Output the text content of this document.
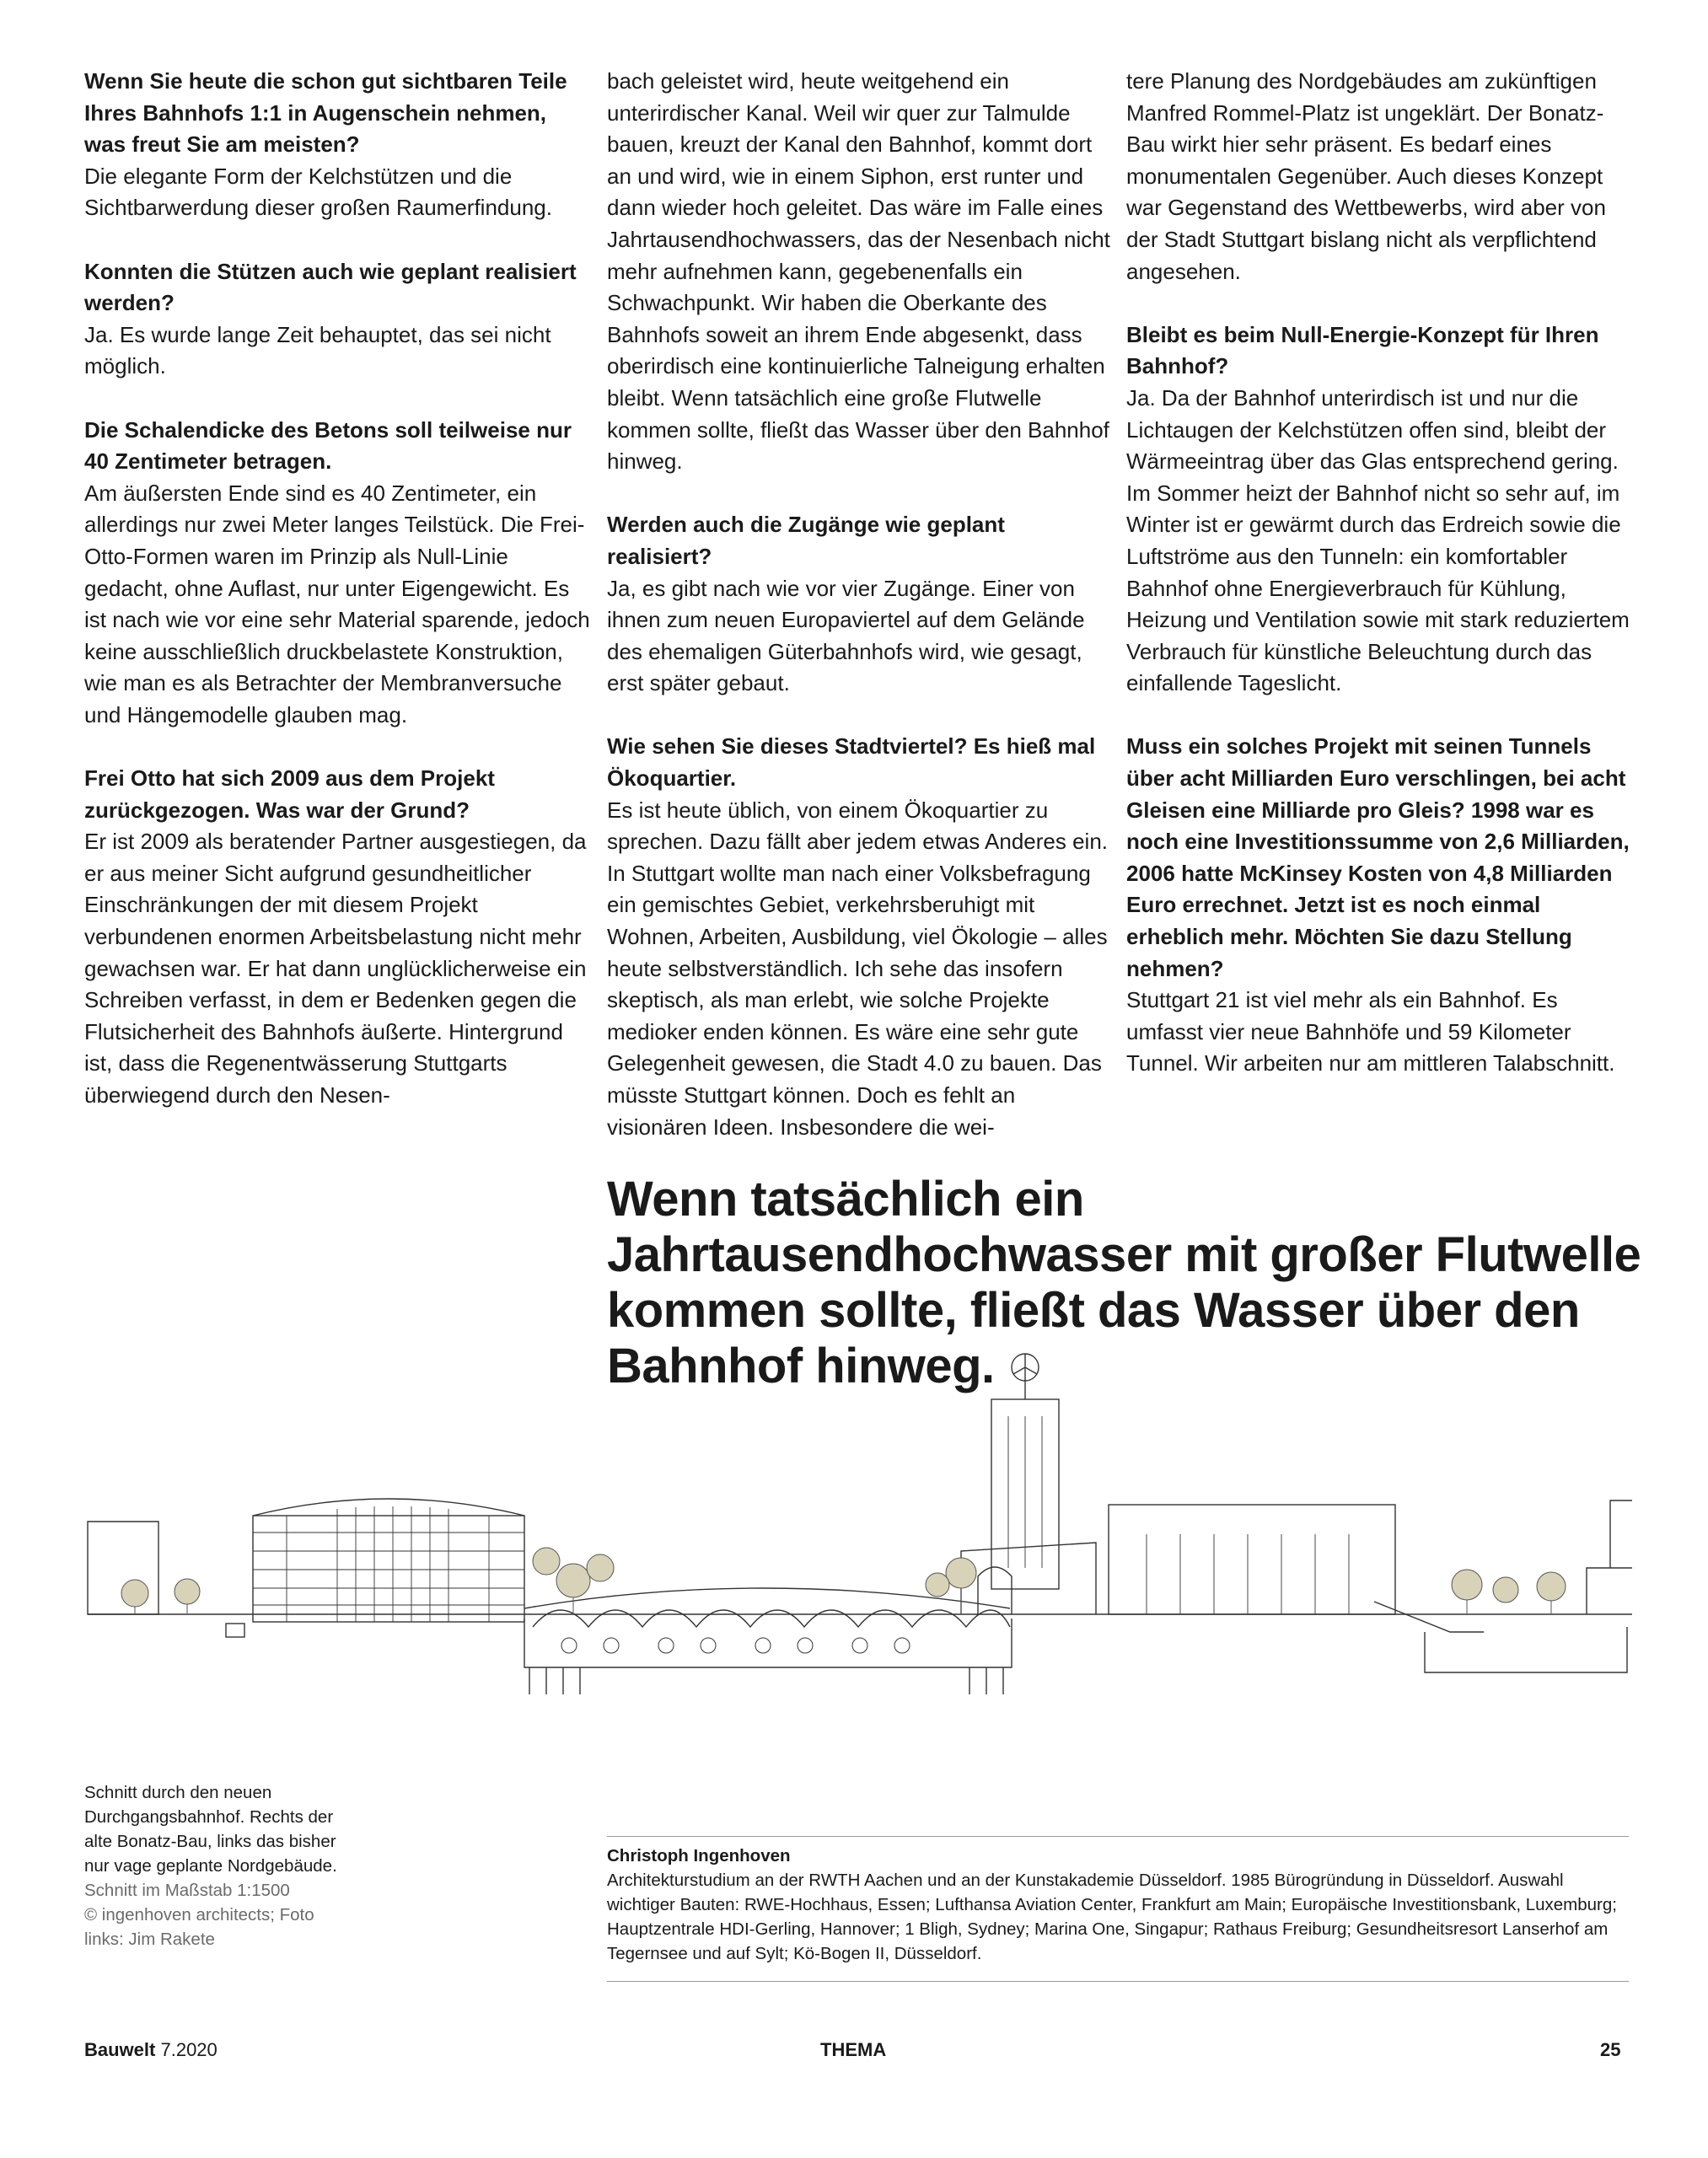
Wenn Sie heute die schon gut sichtbaren Teile Ihres Bahnhofs 1:1 in Augenschein nehmen, was freut Sie am meisten?

Die elegante Form der Kelchstützen und die Sichtbarwerdung dieser großen Raumerfindung.

Konnten die Stützen auch wie geplant realisiert werden?

Ja. Es wurde lange Zeit behauptet, das sei nicht möglich.

Die Schalendicke des Betons soll teilweise nur 40 Zentimeter betragen.

Am äußersten Ende sind es 40 Zentimeter, ein allerdings nur zwei Meter langes Teilstück. Die Frei-Otto-Formen waren im Prinzip als Null-Linie gedacht, ohne Auflast, nur unter Eigengewicht. Es ist nach wie vor eine sehr Material sparende, jedoch keine ausschließlich druckbelastete Konstruktion, wie man es als Betrachter der Membranversuche und Hängemodelle glauben mag.

Frei Otto hat sich 2009 aus dem Projekt zurückgezogen. Was war der Grund?

Er ist 2009 als beratender Partner ausgestiegen, da er aus meiner Sicht aufgrund gesundheitlicher Einschränkungen der mit diesem Projekt verbundenen enormen Arbeitsbelastung nicht mehr gewachsen war. Er hat dann unglücklicherweise ein Schreiben verfasst, in dem er Bedenken gegen die Flutsicherheit des Bahnhofs äußerte. Hintergrund ist, dass die Regenentwässerung Stuttgarts überwiegend durch den Nesen-

bach geleistet wird, heute weitgehend ein unterirdischer Kanal. Weil wir quer zur Talmulde bauen, kreuzt der Kanal den Bahnhof, kommt dort an und wird, wie in einem Siphon, erst runter und dann wieder hoch geleitet. Das wäre im Falle eines Jahrtausendhochwassers, das der Nesenbach nicht mehr aufnehmen kann, gegebenenfalls ein Schwachpunkt. Wir haben die Oberkante des Bahnhofs soweit an ihrem Ende abgesenkt, dass oberirdisch eine kontinuierliche Talneigung erhalten bleibt. Wenn tatsächlich eine große Flutwelle kommen sollte, fließt das Wasser über den Bahnhof hinweg.

Werden auch die Zugänge wie geplant realisiert?

Ja, es gibt nach wie vor vier Zugänge. Einer von ihnen zum neuen Europaviertel auf dem Gelände des ehemaligen Güterbahnhofs wird, wie gesagt, erst später gebaut.

Wie sehen Sie dieses Stadtviertel? Es hieß mal Ökoquartier.

Es ist heute üblich, von einem Ökoquartier zu sprechen. Dazu fällt aber jedem etwas Anderes ein. In Stuttgart wollte man nach einer Volksbefragung ein gemischtes Gebiet, verkehrsberuhigt mit Wohnen, Arbeiten, Ausbildung, viel Ökologie – alles heute selbstverständlich. Ich sehe das insofern skeptisch, als man erlebt, wie solche Projekte medioker enden können. Es wäre eine sehr gute Gelegenheit gewesen, die Stadt 4.0 zu bauen. Das müsste Stuttgart können. Doch es fehlt an visionären Ideen. Insbesondere die wei-

tere Planung des Nordgebäudes am zukünftigen Manfred Rommel-Platz ist ungeklärt. Der Bonatz-Bau wirkt hier sehr präsent. Es bedarf eines monumentalen Gegenüber. Auch dieses Konzept war Gegenstand des Wettbewerbs, wird aber von der Stadt Stuttgart bislang nicht als verpflichtend angesehen.

Bleibt es beim Null-Energie-Konzept für Ihren Bahnhof?

Ja. Da der Bahnhof unterirdisch ist und nur die Lichtaugen der Kelchstützen offen sind, bleibt der Wärmeeintrag über das Glas entsprechend gering. Im Sommer heizt der Bahnhof nicht so sehr auf, im Winter ist er gewärmt durch das Erdreich sowie die Luftströme aus den Tunneln: ein komfortabler Bahnhof ohne Energieverbrauch für Kühlung, Heizung und Ventilation sowie mit stark reduziertem Verbrauch für künstliche Beleuchtung durch das einfallende Tageslicht.

Muss ein solches Projekt mit seinen Tunnels über acht Milliarden Euro verschlingen, bei acht Gleisen eine Milliarde pro Gleis? 1998 war es noch eine Investitionssumme von 2,6 Milliarden, 2006 hatte McKinsey Kosten von 4,8 Milliarden Euro errechnet. Jetzt ist es noch einmal erheblich mehr. Möchten Sie dazu Stellung nehmen?

Stuttgart 21 ist viel mehr als ein Bahnhof. Es umfasst vier neue Bahnhöfe und 59 Kilometer Tunnel. Wir arbeiten nur am mittleren Talabschnitt.

Wenn tatsächlich ein Jahrtausendhochwasser mit großer Flutwelle kommen sollte, fließt das Wasser über den Bahnhof hinweg.
Schnitt durch den neuen Durchgangsbahnhof. Rechts der alte Bonatz-Bau, links das bisher nur vage geplante Nordgebäude.
Schnitt im Maßstab 1:1500
© ingenhoven architects; Foto links: Jim Rakete
Christoph Ingenhoven
Architekturstudium an der RWTH Aachen und an der Kunstakademie Düsseldorf. 1985 Bürogründung in Düsseldorf. Auswahl wichtiger Bauten: RWE-Hochhaus, Essen; Lufthansa Aviation Center, Frankfurt am Main; Europäische Investitionsbank, Luxemburg; Hauptzentrale HDI-Gerling, Hannover; 1 Bligh, Sydney; Marina One, Singapur; Rathaus Freiburg; Gesundheitsresort Lanserhof am Tegernsee und auf Sylt; Kö-Bogen II, Düsseldorf.
Bauwelt 7.2020	THEMA	25
